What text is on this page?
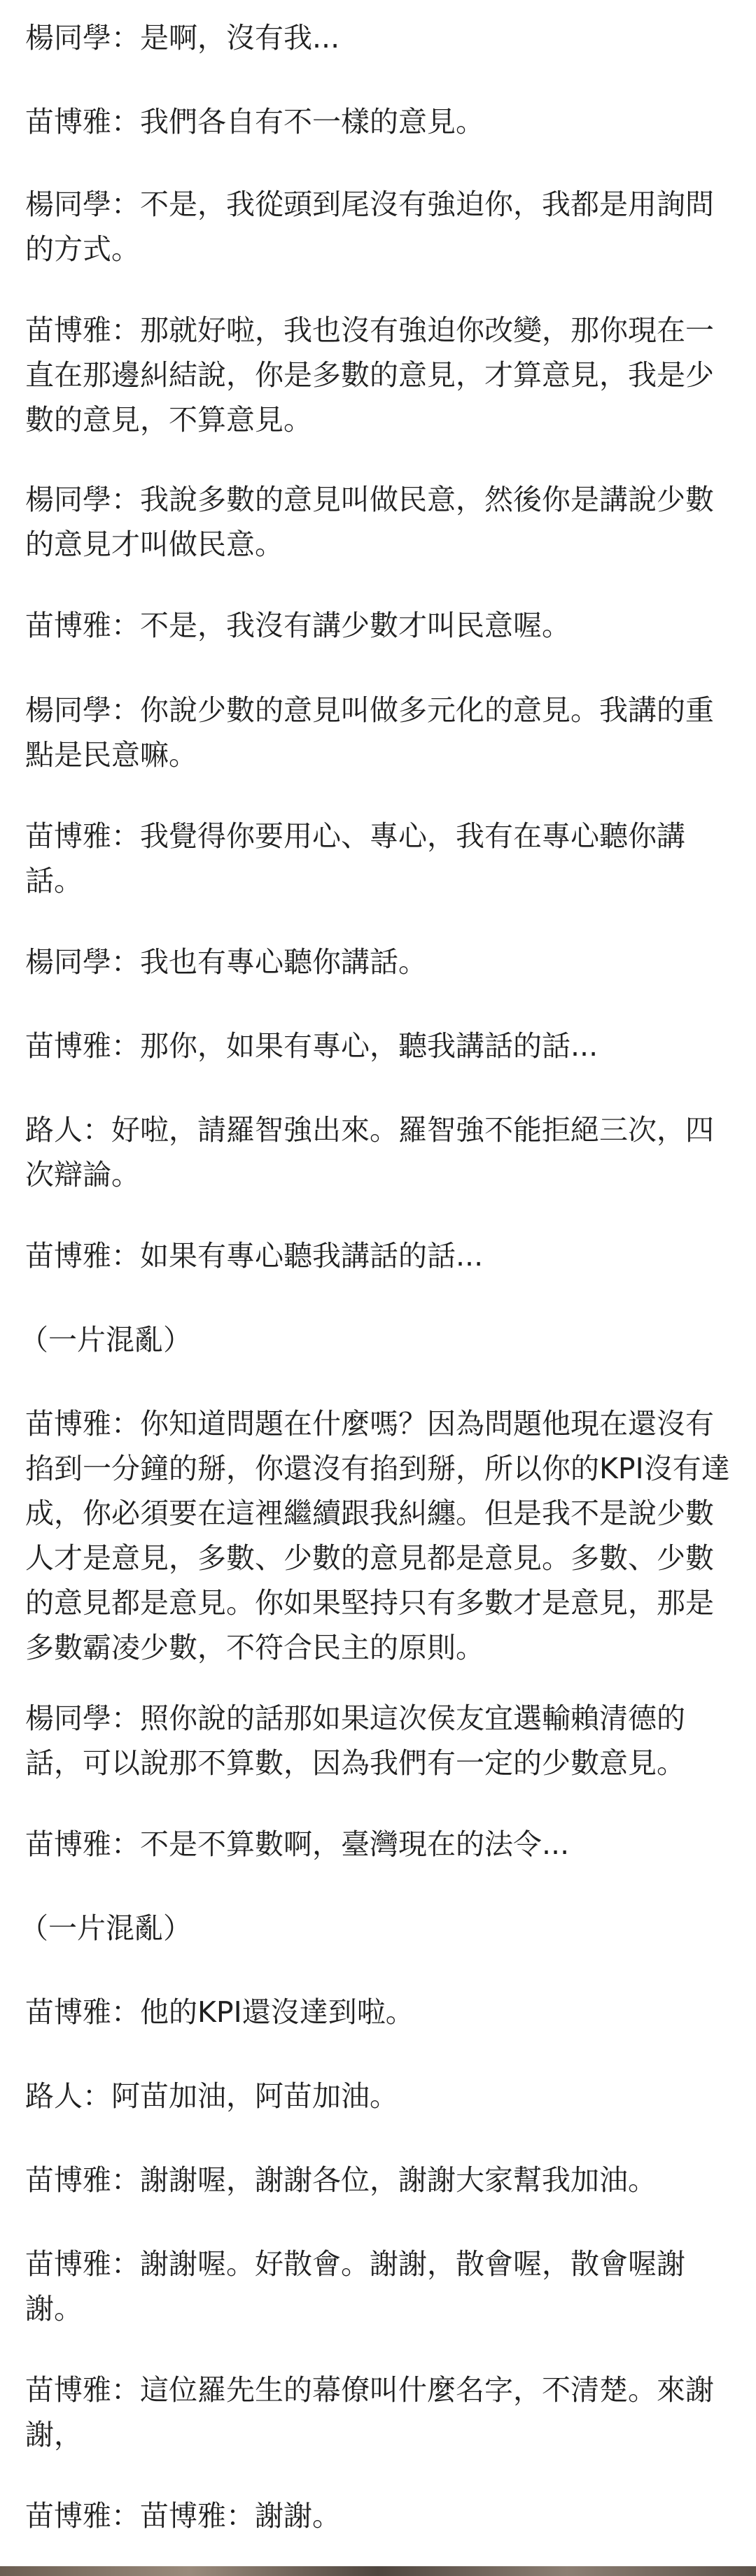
楊同學：是啊，沒有我...

苗博雅：我們各自有不一樣的意見。

楊同學：不是，我從頭到尾沒有強迫你，我都是用詢問的方式。

苗博雅：那就好啦，我也沒有強迫你改變，那你現在一直在那邊糾結說，你是多數的意見，才算意見，我是少數的意見，不算意見。

楊同學：我說多數的意見叫做民意，然後你是講說少數的意見才叫做民意。

苗博雅：不是，我沒有講少數才叫民意喔。

楊同學：你說少數的意見叫做多元化的意見。我講的重點是民意嘛。

苗博雅：我覺得你要用心、專心，我有在專心聽你講話。

楊同學：我也有專心聽你講話。

苗博雅：那你，如果有專心，聽我講話的話...

路人：好啦，請羅智強出來。羅智強不能拒絕三次，四次辯論。

苗博雅：如果有專心聽我講話的話...

（一片混亂）

苗博雅：你知道問題在什麼嗎？因為問題他現在還沒有掐到一分鐘的掰，你還沒有掐到掰，所以你的KPI沒有達成，你必須要在這裡繼續跟我糾纏。但是我不是說少數人才是意見，多數、少數的意見都是意見。多數、少數的意見都是意見。你如果堅持只有多數才是意見，那是多數霸凌少數，不符合民主的原則。

楊同學：照你說的話那如果這次侯友宜選輸賴清德的話，可以說那不算數，因為我們有一定的少數意見。

苗博雅：不是不算數啊，臺灣現在的法令...

（一片混亂）

苗博雅：他的KPI還沒達到啦。

路人：阿苗加油，阿苗加油。

苗博雅：謝謝喔，謝謝各位，謝謝大家幫我加油。

苗博雅：謝謝喔。好散會。謝謝，散會喔，散會喔謝謝。

苗博雅：這位羅先生的幕僚叫什麼名字，不清楚。來謝謝，

苗博雅：苗博雅：謝謝。
